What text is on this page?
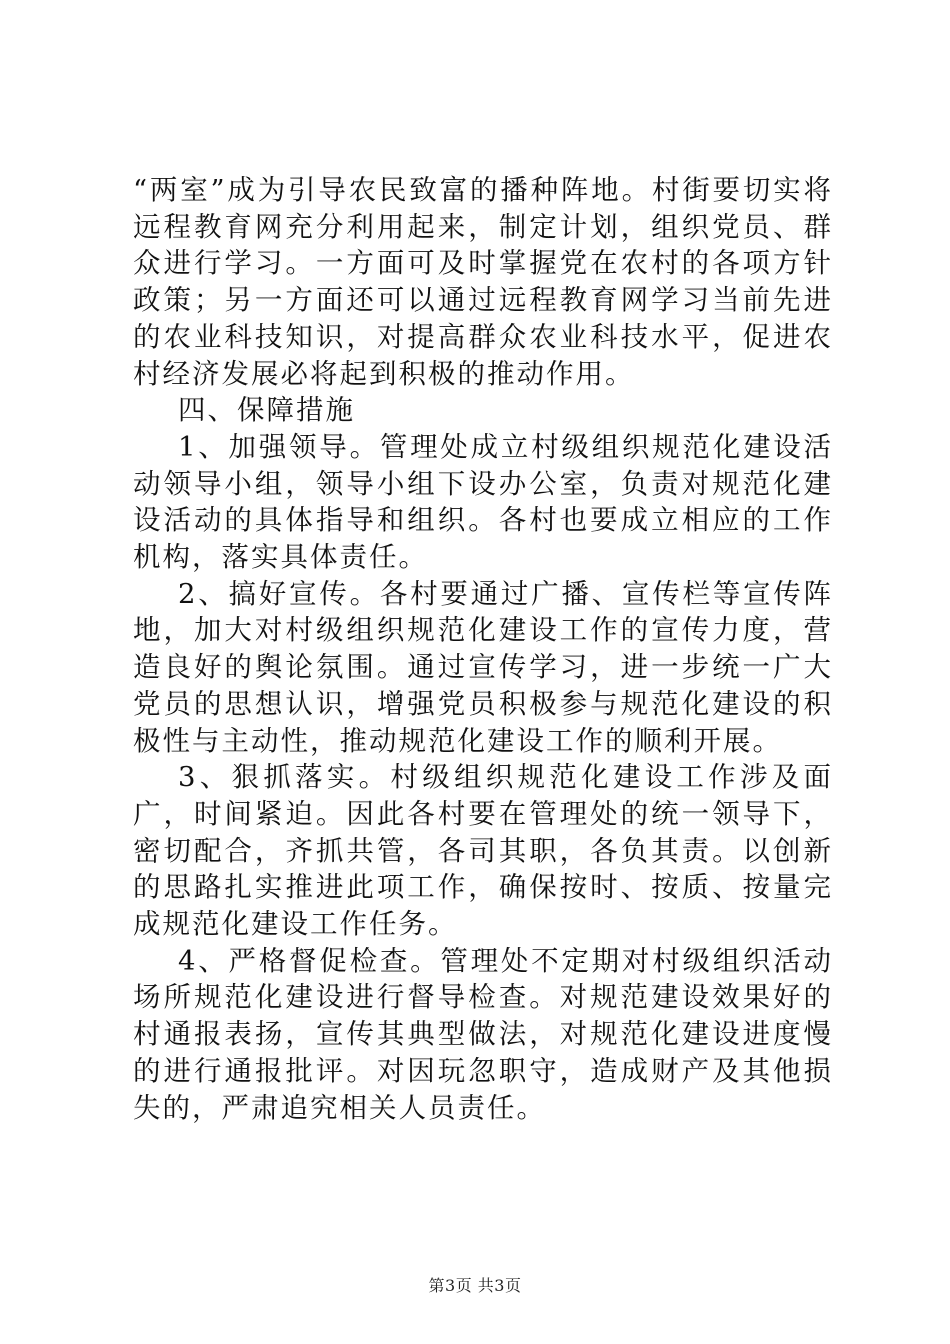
“两室”成为引导农民致富的播种阵地。村街要切实将远程教育网充分利用起来，制定计划，组织党员、群众进行学习。一方面可及时掌握党在农村的各项方针政策；另一方面还可以通过远程教育网学习当前先进的农业科技知识，对提高群众农业科技水平，促进农村经济发展必将起到积极的推动作用。

四、保障措施

1、加强领导。管理处成立村级组织规范化建设活动领导小组，领导小组下设办公室，负责对规范化建设活动的具体指导和组织。各村也要成立相应的工作机构，落实具体责任。

2、搞好宣传。各村要通过广播、宣传栏等宣传阵地，加大对村级组织规范化建设工作的宣传力度，营造良好的舆论氛围。通过宣传学习，进一步统一广大党员的思想认识，增强党员积极参与规范化建设的积极性与主动性，推动规范化建设工作的顺利开展。

3、狠抓落实。村级组织规范化建设工作涉及面广，时间紧迫。因此各村要在管理处的统一领导下，密切配合，齐抓共管，各司其职，各负其责。以创新的思路扎实推进此项工作，确保按时、按质、按量完成规范化建设工作任务。

4、严格督促检查。管理处不定期对村级组织活动场所规范化建设进行督导检查。对规范建设效果好的村通报表扬，宣传其典型做法，对规范化建设进度慢的进行通报批评。对因玩忽职守，造成财产及其他损失的，严肃追究相关人员责任。

第3页 共3页
